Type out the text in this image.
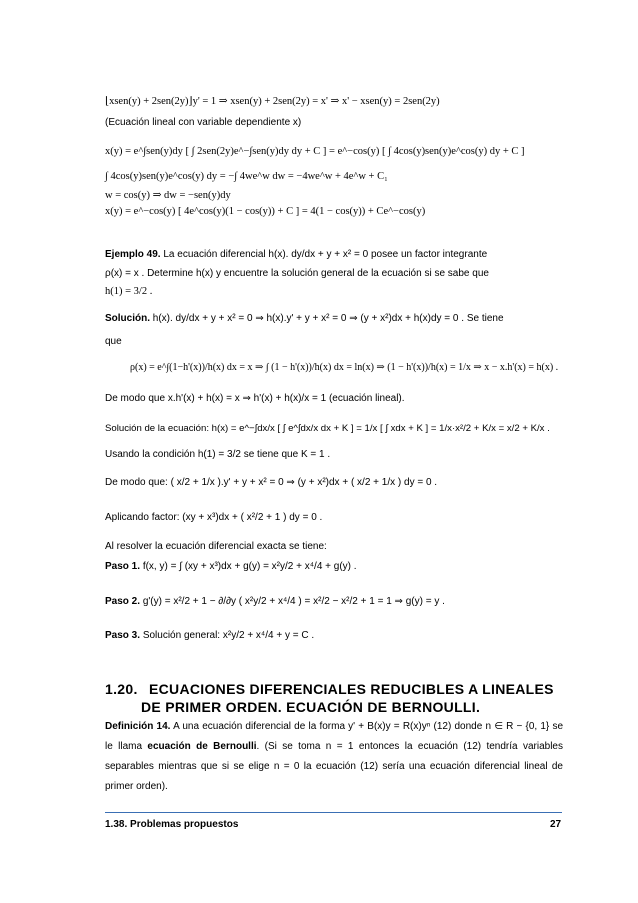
⌊xsen(y) + 2sen(2y)⌋y' = 1 ⇒ xsen(y) + 2sen(2y) = x' ⇒ x' − xsen(y) = 2sen(2y)
(Ecuación lineal con variable dependiente x)
x(y) = e^∫sen(y)dy [ ∫ 2sen(2y)e^−∫sen(y)dy dy + C ] = e^−cos(y) [ ∫ 4cos(y)sen(y)e^cos(y) dy + C ]
∫ 4cos(y)sen(y)e^cos(y) dy = −∫ 4we^w dw = −4we^w + 4e^w + C₁
w = cos(y) ⇒ dw = −sen(y)dy
x(y) = e^−cos(y) [ 4e^cos(y)(1 − cos(y)) + C ] = 4(1 − cos(y)) + Ce^−cos(y)
Ejemplo 49. La ecuación diferencial h(x). dy/dx + y + x² = 0 posee un factor integrante
ρ(x) = x . Determine h(x) y encuentre la solución general de la ecuación si se sabe que
h(1) = 3/2 .
Solución. h(x). dy/dx + y + x² = 0 ⇒ h(x).y' + y + x² = 0 ⇒ (y + x²)dx + h(x)dy = 0 . Se tiene
que
ρ(x) = e^∫(1−h'(x))/h(x) dx = x ⇒ ∫ (1 − h'(x))/h(x) dx = ln(x) ⇒ (1 − h'(x))/h(x) = 1/x ⇒ x − x.h'(x) = h(x) .
De modo que x.h'(x) + h(x) = x ⇒ h'(x) + h(x)/x = 1 (ecuación lineal).
Solución de la ecuación: h(x) = e^−∫dx/x [ ∫ e^∫dx/x dx + K ] = 1/x [ ∫ xdx + K ] = 1/x·x²/2 + K/x = x/2 + K/x .
Usando la condición h(1) = 3/2 se tiene que K = 1 .
De modo que: ( x/2 + 1/x ).y' + y + x² = 0 ⇒ (y + x²)dx + ( x/2 + 1/x ) dy = 0 .
Aplicando factor: (xy + x³)dx + ( x²/2 + 1 ) dy = 0 .
Al resolver la ecuación diferencial exacta se tiene:
Paso 1. f(x, y) = ∫ (xy + x³)dx + g(y) = x²y/2 + x⁴/4 + g(y) .
Paso 2. g'(y) = x²/2 + 1 − ∂/∂y ( x²y/2 + x⁴/4 ) = x²/2 − x²/2 + 1 = 1 ⇒ g(y) = y .
Paso 3. Solución general: x²y/2 + x⁴/4 + y = C .
1.20. ECUACIONES DIFERENCIALES REDUCIBLES A LINEALES
DE PRIMER ORDEN. ECUACIÓN DE BERNOULLI.
Definición 14. A una ecuación diferencial de la forma y' + B(x)y = R(x)yⁿ (12) donde n ∈ R − {0, 1} se le llama ecuación de Bernoulli. (Si se toma n = 1 entonces la ecuación (12) tendría variables separables mientras que si se elige n = 0 la ecuación (12) sería una ecuación diferencial lineal de primer orden).
1.38. Problemas propuestos	27
